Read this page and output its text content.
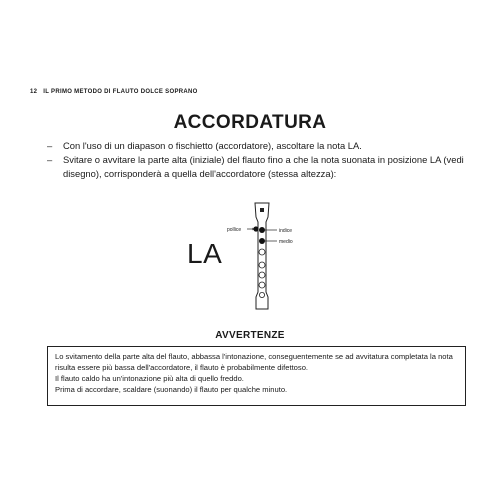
12 IL PRIMO METODO DI FLAUTO DOLCE SOPRANO
ACCORDATURA
– Con l'uso di un diapason o fischietto (accordatore), ascoltare la nota LA.
– Svitare o avvitare la parte alta (iniziale) del flauto fino a che la nota suonata in posizione LA (vedi disegno), corrisponderà a quella dell'accordatore (stessa altezza):
LA
pollice	indice
medio
AVVERTENZE

Lo svitamento della parte alta del flauto, abbassa l'intonazione, conseguentemente se ad avvitatura completata la nota risulta essere più bassa dell'accordatore, il flauto è probabilmente difettoso.

Il flauto caldo ha un'intonazione più alta di quello freddo.

Prima di accordare, scaldare (suonando) il flauto per qualche minuto.
